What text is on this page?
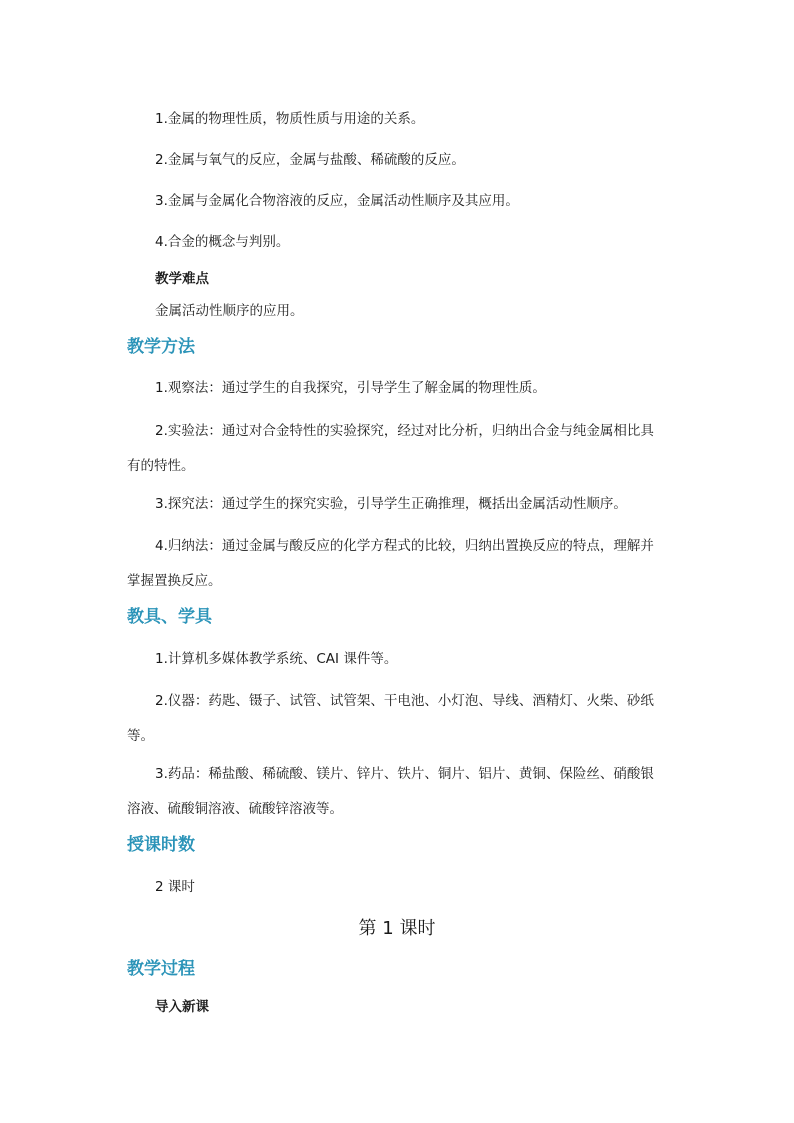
1.金属的物理性质，物质性质与用途的关系。
2.金属与氧气的反应，金属与盐酸、稀硫酸的反应。
3.金属与金属化合物溶液的反应，金属活动性顺序及其应用。
4.合金的概念与判别。
教学难点
金属活动性顺序的应用。
教学方法
1.观察法：通过学生的自我探究，引导学生了解金属的物理性质。
2.实验法：通过对合金特性的实验探究，经过对比分析，归纳出合金与纯金属相比具
有的特性。
3.探究法：通过学生的探究实验，引导学生正确推理，概括出金属活动性顺序。
4.归纳法：通过金属与酸反应的化学方程式的比较，归纳出置换反应的特点，理解并
掌握置换反应。
教具、学具
1.计算机多媒体教学系统、CAI 课件等。
2.仪器：药匙、镊子、试管、试管架、干电池、小灯泡、导线、酒精灯、火柴、砂纸
等。
3.药品：稀盐酸、稀硫酸、镁片、锌片、铁片、铜片、铝片、黄铜、保险丝、硝酸银
溶液、硫酸铜溶液、硫酸锌溶液等。
授课时数
2 课时
第 1 课时
教学过程
导入新课
